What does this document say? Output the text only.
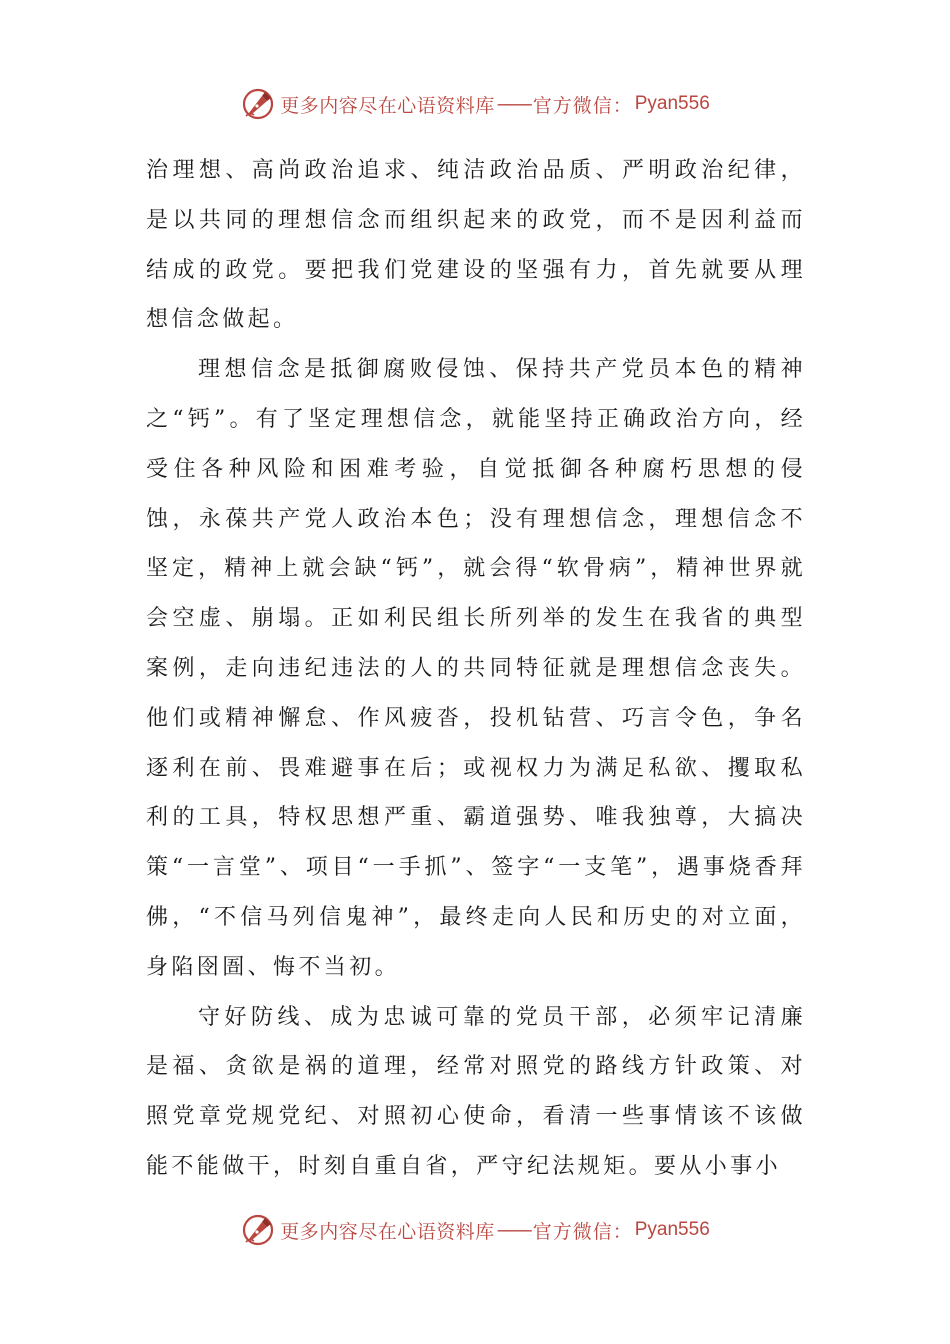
更多内容尽在心语资料库 —— 官方微信： Pyan556

治理想、高尚政治追求、纯洁政治品质、严明政治纪律，是以共同的理想信念而组织起来的政党，而不是因利益而结成的政党。要把我们党建设的坚强有力，首先就要从理想信念做起。

理想信念是抵御腐败侵蚀、保持共产党员本色的精神之“钙”。有了坚定理想信念，就能坚持正确政治方向，经受住各种风险和困难考验，自觉抵御各种腐朽思想的侵蚀，永葆共产党人政治本色；没有理想信念，理想信念不坚定，精神上就会缺“钙”，就会得“软骨病”，精神世界就会空虚、崩塌。正如利民组长所列举的发生在我省的典型案例，走向违纪违法的人的共同特征就是理想信念丧失。他们或精神懈怠、作风疲沓，投机钻营、巧言令色，争名逐利在前、畏难避事在后；或视权力为满足私欲、攫取私利的工具，特权思想严重、霸道强势、唯我独尊，大搞决策“一言堂”、项目“一手抓”、签字“一支笔”，遇事烧香拜佛，“不信马列信鬼神”，最终走向人民和历史的对立面，身陷囹圄、悔不当初。

守好防线、成为忠诚可靠的党员干部，必须牢记清廉是福、贪欲是祸的道理，经常对照党的路线方针政策、对照党章党规党纪、对照初心使命，看清一些事情该不该做能不能做干，时刻自重自省，严守纪法规矩。要从小事小

更多内容尽在心语资料库 —— 官方微信： Pyan556
